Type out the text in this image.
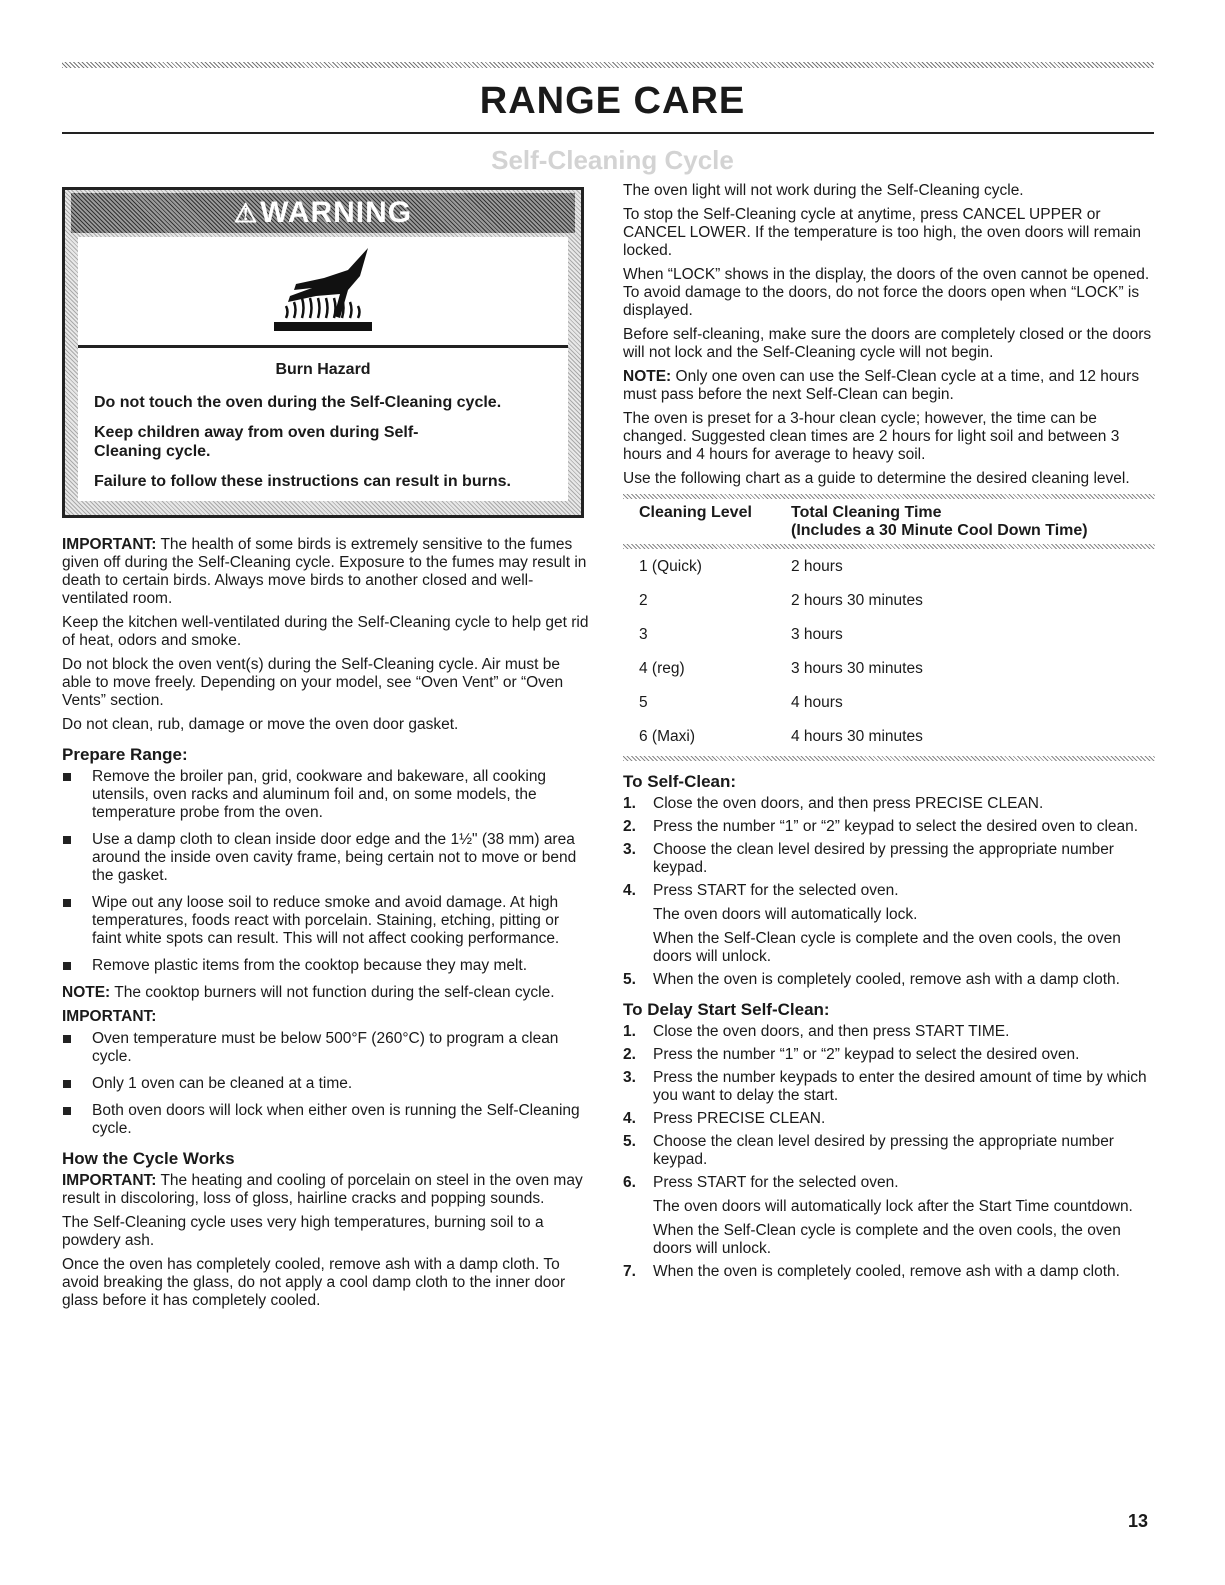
RANGE CARE
Self-Cleaning Cycle
⚠ WARNING

Burn Hazard

Do not touch the oven during the Self-Cleaning cycle.

Keep children away from oven during Self-Cleaning cycle.

Failure to follow these instructions can result in burns.

IMPORTANT: The health of some birds is extremely sensitive to the fumes given off during the Self-Cleaning cycle. Exposure to the fumes may result in death to certain birds. Always move birds to another closed and well-ventilated room.

Keep the kitchen well-ventilated during the Self-Cleaning cycle to help get rid of heat, odors and smoke.

Do not block the oven vent(s) during the Self-Cleaning cycle. Air must be able to move freely. Depending on your model, see “Oven Vent” or “Oven Vents” section.

Do not clean, rub, damage or move the oven door gasket.

Prepare Range:
Remove the broiler pan, grid, cookware and bakeware, all cooking utensils, oven racks and aluminum foil and, on some models, the temperature probe from the oven.
Use a damp cloth to clean inside door edge and the 1½" (38 mm) area around the inside oven cavity frame, being certain not to move or bend the gasket.
Wipe out any loose soil to reduce smoke and avoid damage. At high temperatures, foods react with porcelain. Staining, etching, pitting or faint white spots can result. This will not affect cooking performance.
Remove plastic items from the cooktop because they may melt.

NOTE: The cooktop burners will not function during the self-clean cycle.

IMPORTANT:

Oven temperature must be below 500°F (260°C) to program a clean cycle.
Only 1 oven can be cleaned at a time.
Both oven doors will lock when either oven is running the Self-Cleaning cycle.
How the Cycle Works

IMPORTANT: The heating and cooling of porcelain on steel in the oven may result in discoloring, loss of gloss, hairline cracks and popping sounds.

The Self-Cleaning cycle uses very high temperatures, burning soil to a powdery ash.

Once the oven has completely cooled, remove ash with a damp cloth. To avoid breaking the glass, do not apply a cool damp cloth to the inner door glass before it has completely cooled.

The oven light will not work during the Self-Cleaning cycle.

To stop the Self-Cleaning cycle at anytime, press CANCEL UPPER or CANCEL LOWER. If the temperature is too high, the oven doors will remain locked.

When “LOCK” shows in the display, the doors of the oven cannot be opened. To avoid damage to the doors, do not force the doors open when “LOCK” is displayed.

Before self-cleaning, make sure the doors are completely closed or the doors will not lock and the Self-Cleaning cycle will not begin.

NOTE: Only one oven can use the Self-Clean cycle at a time, and 12 hours must pass before the next Self-Clean can begin.

The oven is preset for a 3-hour clean cycle; however, the time can be changed. Suggested clean times are 2 hours for light soil and between 3 hours and 4 hours for average to heavy soil.

Use the following chart as a guide to determine the desired cleaning level.

Cleaning Level	Total Cleaning Time
(Includes a 30 Minute Cool Down Time)

1 (Quick)	2 hours
2	2 hours 30 minutes
3	3 hours
4 (reg)	3 hours 30 minutes
5	4 hours
6 (Maxi)	4 hours 30 minutes
To Self-Clean:
1. Close the oven doors, and then press PRECISE CLEAN.
2. Press the number “1” or “2” keypad to select the desired oven to clean.
3. Choose the clean level desired by pressing the appropriate number keypad.
4. Press START for the selected oven.

The oven doors will automatically lock.

When the Self-Clean cycle is complete and the oven cools, the oven doors will unlock.

5. When the oven is completely cooled, remove ash with a damp cloth.
To Delay Start Self-Clean:
1. Close the oven doors, and then press START TIME.
2. Press the number “1” or “2” keypad to select the desired oven.
3. Press the number keypads to enter the desired amount of time by which you want to delay the start.
4. Press PRECISE CLEAN.
5. Choose the clean level desired by pressing the appropriate number keypad.
6. Press START for the selected oven.

The oven doors will automatically lock after the Start Time countdown.

When the Self-Clean cycle is complete and the oven cools, the oven doors will unlock.

7. When the oven is completely cooled, remove ash with a damp cloth.
13
